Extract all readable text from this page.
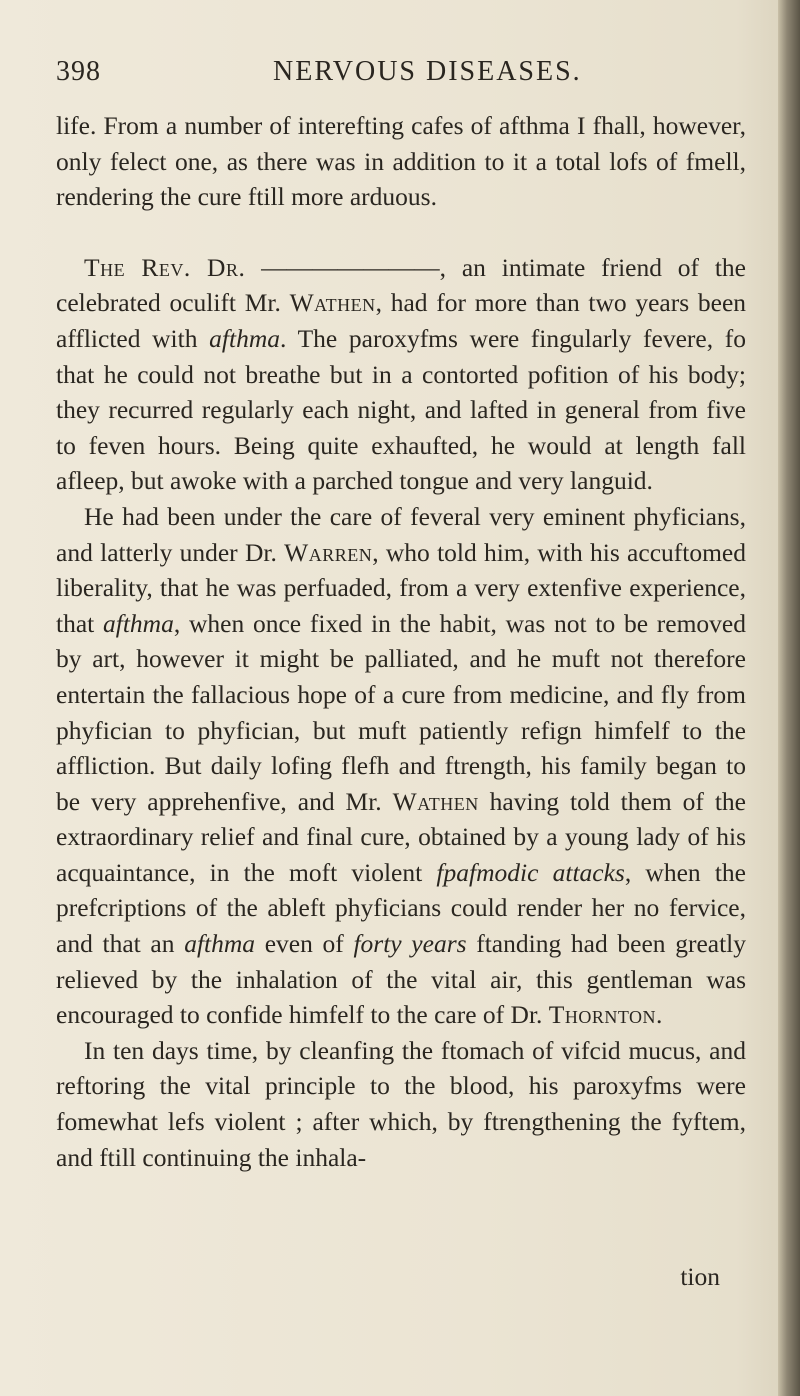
398	NERVOUS DISEASES.

life. From a number of interefting cafes of afthma I fhall, however, only felect one, as there was in addition to it a total lofs of fmell, rendering the cure ftill more arduous.

The Rev. Dr. ———————, an intimate friend of the celebrated oculift Mr. Wathen, had for more than two years been afflicted with afthma. The paroxyfms were fingularly fevere, fo that he could not breathe but in a contorted pofition of his body; they recurred regularly each night, and lafted in general from five to feven hours. Being quite exhaufted, he would at length fall afleep, but awoke with a parched tongue and very languid.

He had been under the care of feveral very eminent phyficians, and latterly under Dr. Warren, who told him, with his accuftomed liberality, that he was perfuaded, from a very extenfive experience, that afthma, when once fixed in the habit, was not to be removed by art, however it might be palliated, and he muft not therefore entertain the fallacious hope of a cure from medicine, and fly from phyfician to phyfician, but muft patiently refign himfelf to the affliction. But daily lofing flefh and ftrength, his family began to be very apprehenfive, and Mr. Wathen having told them of the extraordinary relief and final cure, obtained by a young lady of his acquaintance, in the moft violent fpafmodic attacks, when the prefcriptions of the ableft phyficians could render her no fervice, and that an afthma even of forty years ftanding had been greatly relieved by the inhalation of the vital air, this gentleman was encouraged to confide himfelf to the care of Dr. Thornton.

In ten days time, by cleanfing the ftomach of vifcid mucus, and reftoring the vital principle to the blood, his paroxyfms were fomewhat lefs violent ; after which, by ftrengthening the fyftem, and ftill continuing the inhala-

tion
